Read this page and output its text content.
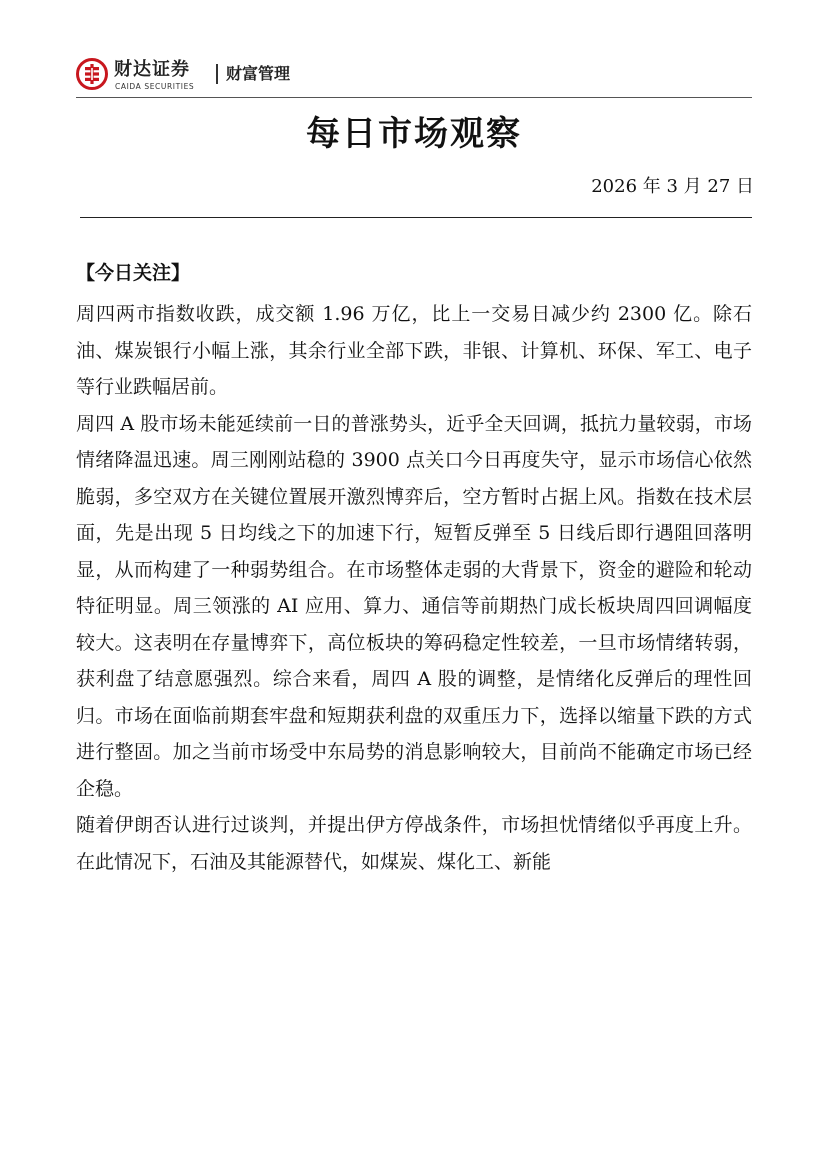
财达证券
CAIDA SECURITIES
财富管理
每日市场观察
2026 年 3 月 27 日
【今日关注】

周四两市指数收跌，成交额 1.96 万亿，比上一交易日减少约 2300 亿。除石油、煤炭银行小幅上涨，其余行业全部下跌，非银、计算机、环保、军工、电子等行业跌幅居前。

周四 A 股市场未能延续前一日的普涨势头，近乎全天回调，抵抗力量较弱，市场情绪降温迅速。周三刚刚站稳的 3900 点关口今日再度失守，显示市场信心依然脆弱，多空双方在关键位置展开激烈博弈后，空方暂时占据上风。指数在技术层面，先是出现 5 日均线之下的加速下行，短暂反弹至 5 日线后即行遇阻回落明显，从而构建了一种弱势组合。在市场整体走弱的大背景下，资金的避险和轮动特征明显。周三领涨的 AI 应用、算力、通信等前期热门成长板块周四回调幅度较大。这表明在存量博弈下，高位板块的筹码稳定性较差，一旦市场情绪转弱，获利盘了结意愿强烈。综合来看，周四 A 股的调整，是情绪化反弹后的理性回归。市场在面临前期套牢盘和短期获利盘的双重压力下，选择以缩量下跌的方式进行整固。加之当前市场受中东局势的消息影响较大，目前尚不能确定市场已经企稳。

随着伊朗否认进行过谈判，并提出伊方停战条件，市场担忧情绪似乎再度上升。在此情况下，石油及其能源替代，如煤炭、煤化工、新能
